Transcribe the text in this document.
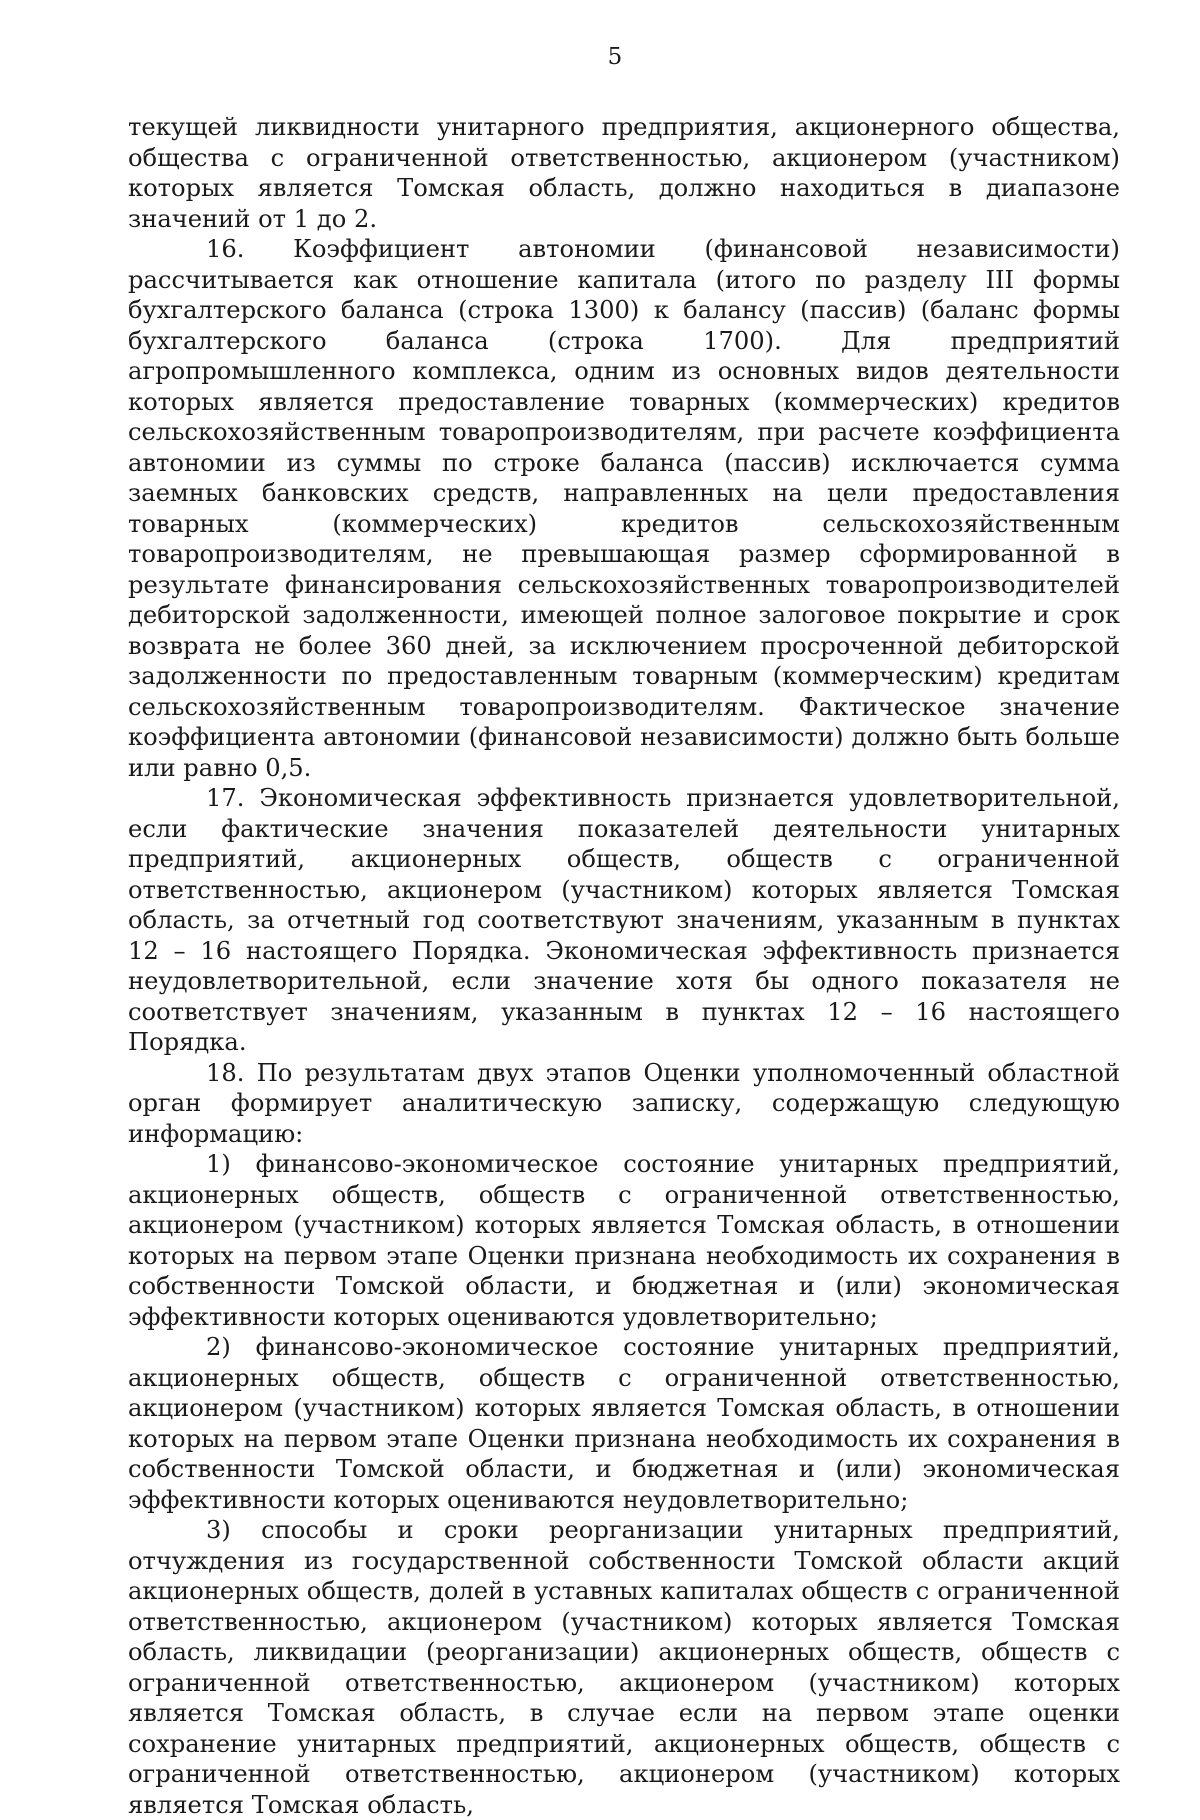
5

текущей ликвидности унитарного предприятия, акционерного общества, общества с ограниченной ответственностью, акционером (участником) которых является Томская область, должно находиться в диапазоне значений от 1 до 2.

16. Коэффициент автономии (финансовой независимости) рассчитывается как отношение капитала (итого по разделу III формы бухгалтерского баланса (строка 1300) к балансу (пассив) (баланс формы бухгалтерского баланса (строка 1700). Для предприятий агропромышленного комплекса, одним из основных видов деятельности которых является предоставление товарных (коммерческих) кредитов сельскохозяйственным товаропроизводителям, при расчете коэффициента автономии из суммы по строке баланса (пассив) исключается сумма заемных банковских средств, направленных на цели предоставления товарных (коммерческих) кредитов сельскохозяйственным товаропроизводителям, не превышающая размер сформированной в результате финансирования сельскохозяйственных товаропроизводителей дебиторской задолженности, имеющей полное залоговое покрытие и срок возврата не более 360 дней, за исключением просроченной дебиторской задолженности по предоставленным товарным (коммерческим) кредитам сельскохозяйственным товаропроизводителям. Фактическое значение коэффициента автономии (финансовой независимости) должно быть больше или равно 0,5.

17. Экономическая эффективность признается удовлетворительной, если фактические значения показателей деятельности унитарных предприятий, акционерных обществ, обществ с ограниченной ответственностью, акционером (участником) которых является Томская область, за отчетный год соответствуют значениям, указанным в пунктах 12 – 16 настоящего Порядка. Экономическая эффективность признается неудовлетворительной, если значение хотя бы одного показателя не соответствует значениям, указанным в пунктах 12 – 16 настоящего Порядка.

18. По результатам двух этапов Оценки уполномоченный областной орган формирует аналитическую записку, содержащую следующую информацию:

1) финансово-экономическое состояние унитарных предприятий, акционерных обществ, обществ с ограниченной ответственностью, акционером (участником) которых является Томская область, в отношении которых на первом этапе Оценки признана необходимость их сохранения в собственности Томской области, и бюджетная и (или) экономическая эффективности которых оцениваются удовлетворительно;

2) финансово-экономическое состояние унитарных предприятий, акционерных обществ, обществ с ограниченной ответственностью, акционером (участником) которых является Томская область, в отношении которых на первом этапе Оценки признана необходимость их сохранения в собственности Томской области, и бюджетная и (или) экономическая эффективности которых оцениваются неудовлетворительно;

3) способы и сроки реорганизации унитарных предприятий, отчуждения из государственной собственности Томской области акций акционерных обществ, долей в уставных капиталах обществ с ограниченной ответственностью, акционером (участником) которых является Томская область, ликвидации (реорганизации) акционерных обществ, обществ с ограниченной ответственностью, акционером (участником) которых является Томская область, в случае если на первом этапе оценки сохранение унитарных предприятий, акционерных обществ, обществ с ограниченной ответственностью, акционером (участником) которых является Томская область,
